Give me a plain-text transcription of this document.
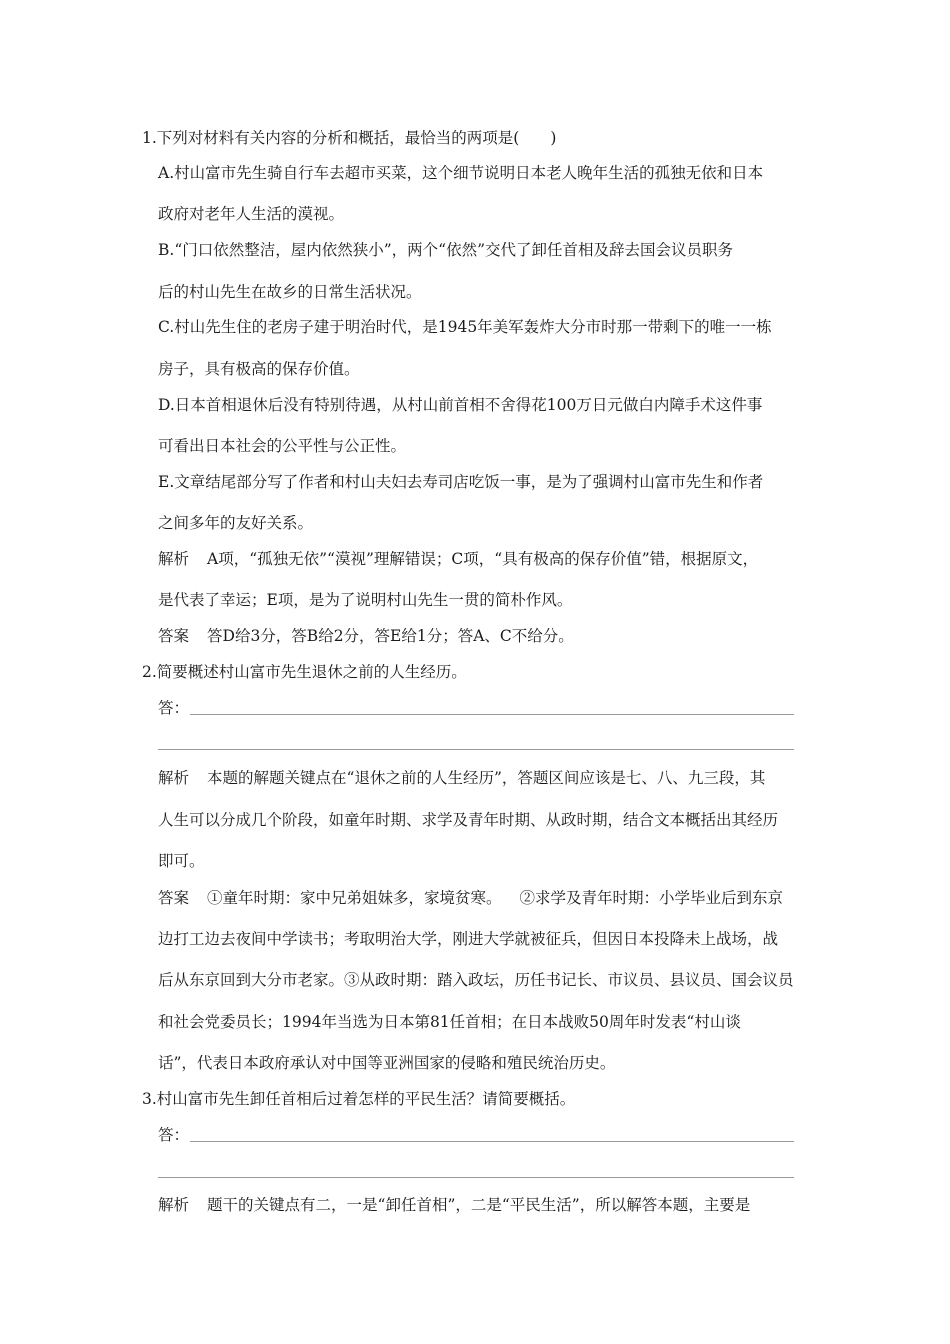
1.下列对材料有关内容的分析和概括，最恰当的两项是(　　)
A.村山富市先生骑自行车去超市买菜，这个细节说明日本老人晚年生活的孤独无依和日本
政府对老年人生活的漠视。
B.“门口依然整洁，屋内依然狭小”，两个“依然”交代了卸任首相及辞去国会议员职务
后的村山先生在故乡的日常生活状况。
C.村山先生住的老房子建于明治时代，是1945年美军轰炸大分市时那一带剩下的唯一一栋
房子，具有极高的保存价值。
D.日本首相退休后没有特别待遇，从村山前首相不舍得花100万日元做白内障手术这件事
可看出日本社会的公平性与公正性。
E.文章结尾部分写了作者和村山夫妇去寿司店吃饭一事，是为了强调村山富市先生和作者
之间多年的友好关系。
解析 A项，“孤独无依”“漠视”理解错误；C项，“具有极高的保存价值”错，根据原文，
是代表了幸运；E项，是为了说明村山先生一贯的简朴作风。
答案 答D给3分，答B给2分，答E给1分；答A、C不给分。
2.简要概述村山富市先生退休之前的人生经历。
答：
解析 本题的解题关键点在“退休之前的人生经历”，答题区间应该是七、八、九三段，其
人生可以分成几个阶段，如童年时期、求学及青年时期、从政时期，结合文本概括出其经历
即可。
答案 ①童年时期：家中兄弟姐妹多，家境贫寒。 ②求学及青年时期：小学毕业后到东京
边打工边去夜间中学读书；考取明治大学，刚进大学就被征兵，但因日本投降未上战场，战
后从东京回到大分市老家。③从政时期：踏入政坛，历任书记长、市议员、县议员、国会议员
和社会党委员长；1994年当选为日本第81任首相；在日本战败50周年时发表“村山谈
话”，代表日本政府承认对中国等亚洲国家的侵略和殖民统治历史。
3.村山富市先生卸任首相后过着怎样的平民生活？请简要概括。
答：
解析 题干的关键点有二，一是“卸任首相”，二是“平民生活”，所以解答本题，主要是
